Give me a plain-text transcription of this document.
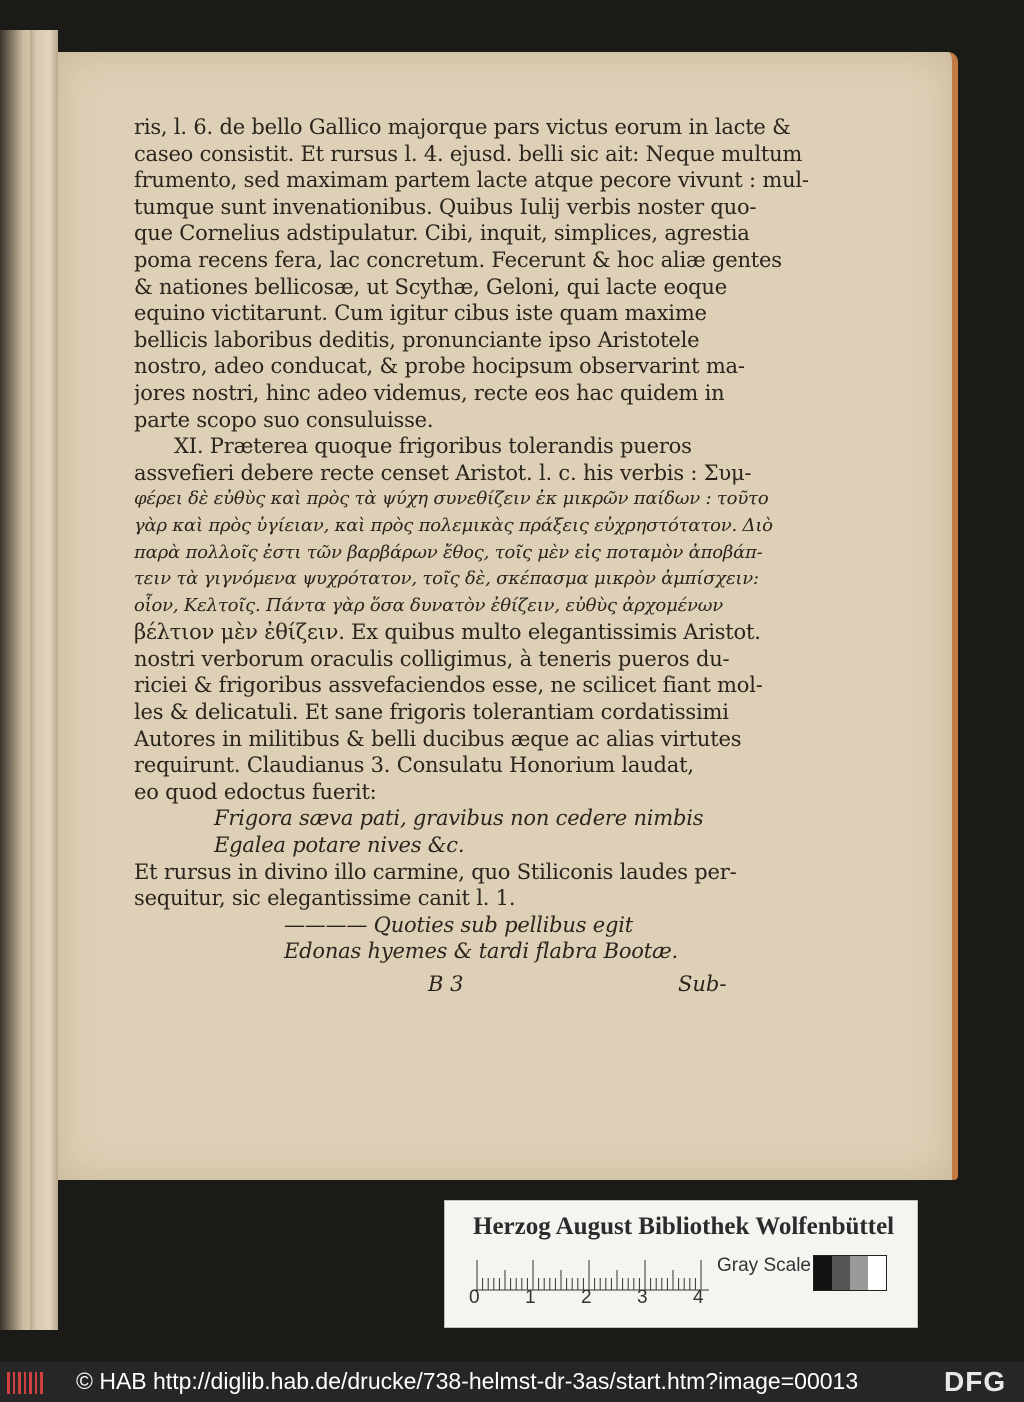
ris, l. 6. de bello Gallico majorque pars victus eorum in lacte &
caseo consistit. Et rursus l. 4. ejusd. belli sic ait: Neque multum
frumento, sed maximam partem lacte atque pecore vivunt : mul-
tumque sunt invenationibus. Quibus Iulij verbis noster quo-
que Cornelius adstipulatur. Cibi, inquit, simplices, agrestia
poma recens fera, lac concretum. Fecerunt & hoc aliæ gentes
& nationes bellicosæ, ut Scythæ, Geloni, qui lacte eoque
equino victitarunt. Cum igitur cibus iste quam maxime
bellicis laboribus deditis, pronunciante ipso Aristotele
nostro, adeo conducat, & probe hocipsum observarint ma-
jores nostri, hinc adeo videmus, recte eos hac quidem in
parte scopo suo consuluisse.
XI. Præterea quoque frigoribus tolerandis pueros
assvefieri debere recte censet Aristot. l. c. his verbis : Συμ-
φέρει δὲ εὐθὺς καὶ πρὸς τὰ ψύχη συνεθίζειν ἐκ μικρῶν παίδων : τοῦτο
γὰρ καὶ πρὸς ὑγίειαν, καὶ πρὸς πολεμικὰς πράξεις εὐχρηστότατον. Διὸ
παρὰ πολλοῖς ἐστι τῶν βαρβάρων ἔθος, τοῖς μὲν εἰς ποταμὸν ἀποβάπ-
τειν τὰ γιγνόμενα ψυχρότατον, τοῖς δὲ, σκέπασμα μικρὸν ἀμπίσχειν:
οἷον, Κελτοῖς. Πάντα γὰρ ὅσα δυνατὸν ἐθίζειν, εὐθὺς ἀρχομένων
βέλτιον μὲν ἐθίζειν. Ex quibus multo elegantissimis Aristot.
nostri verborum oraculis colligimus, à teneris pueros du-
riciei & frigoribus assvefaciendos esse, ne scilicet fiant mol-
les & delicatuli. Et sane frigoris tolerantiam cordatissimi
Autores in militibus & belli ducibus æque ac alias virtutes
requirunt. Claudianus 3. Consulatu Honorium laudat,
eo quod edoctus fuerit:
Frigora sæva pati, gravibus non cedere nimbis
Egalea potare nives &c.
Et rursus in divino illo carmine, quo Stiliconis laudes per-
sequitur, sic elegantissime canit l. 1.
———— Quoties sub pellibus egit
Edonas hyemes & tardi flabra Bootæ.
B 3	Sub-
Herzog August Bibliothek Wolfenbüttel
0 1 2 3 4
Gray Scale
© HAB http://diglib.hab.de/drucke/738-helmst-dr-3as/start.htm?image=00013	DFG
